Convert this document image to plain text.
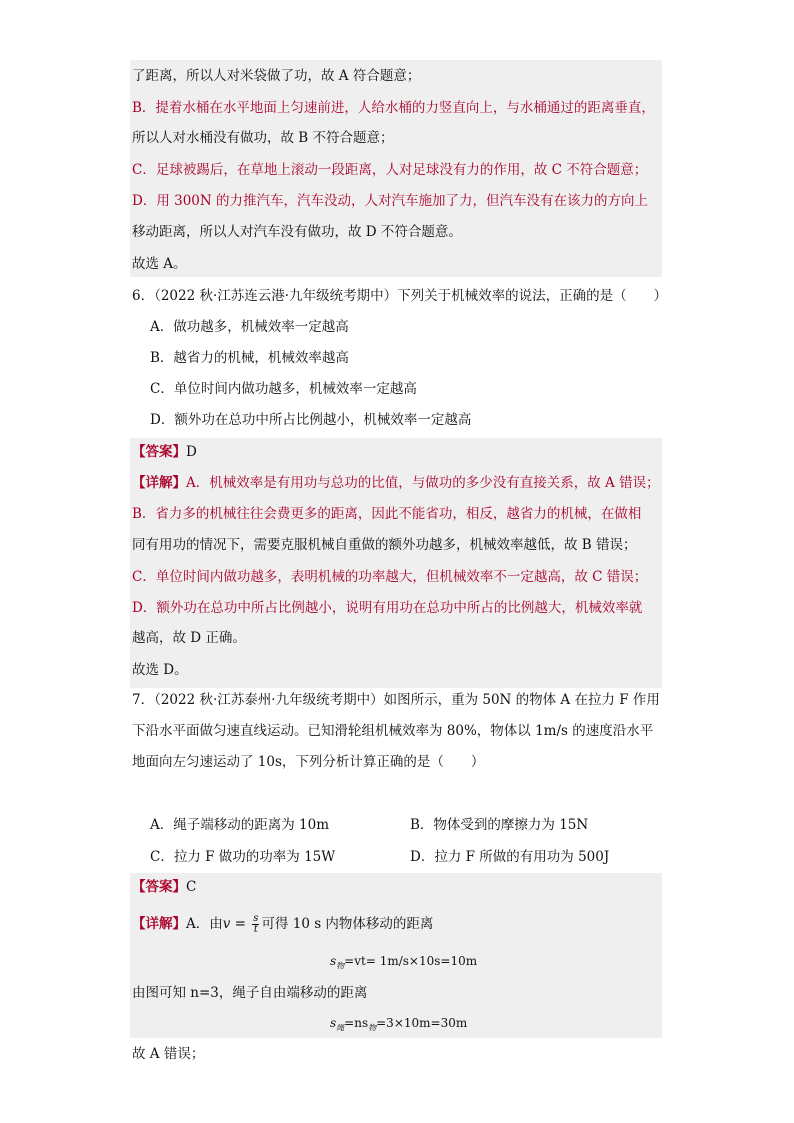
了距离，所以人对米袋做了功，故 A 符合题意；
B．提着水桶在水平地面上匀速前进，人给水桶的力竖直向上，与水桶通过的距离垂直，
所以人对水桶没有做功，故 B 不符合题意；
C．足球被踢后，在草地上滚动一段距离，人对足球没有力的作用，故 C 不符合题意；
D．用 300N 的力推汽车，汽车没动，人对汽车施加了力，但汽车没有在该力的方向上
移动距离，所以人对汽车没有做功，故 D 不符合题意。
故选 A。
6．（2022 秋·江苏连云港·九年级统考期中）下列关于机械效率的说法，正确的是（　　）
A．做功越多，机械效率一定越高
B．越省力的机械，机械效率越高
C．单位时间内做功越多，机械效率一定越高
D．额外功在总功中所占比例越小，机械效率一定越高
【答案】D
【详解】A．机械效率是有用功与总功的比值，与做功的多少没有直接关系，故 A 错误；
B．省力多的机械往往会费更多的距离，因此不能省功，相反，越省力的机械，在做相
同有用功的情况下，需要克服机械自重做的额外功越多，机械效率越低，故 B 错误；
C．单位时间内做功越多，表明机械的功率越大，但机械效率不一定越高，故 C 错误；
D．额外功在总功中所占比例越小，说明有用功在总功中所占的比例越大，机械效率就
越高，故 D 正确。
故选 D。
7．（2022 秋·江苏泰州·九年级统考期中）如图所示，重为 50N 的物体 A 在拉力 F 作用
下沿水平面做匀速直线运动。已知滑轮组机械效率为 80%，物体以 1m/s 的速度沿水平
地面向左匀速运动了 10s，下列分析计算正确的是（　　）
A．绳子端移动的距离为 10m	B．物体受到的摩擦力为 15N
C．拉力 F 做功的功率为 15W	D．拉力 F 所做的有用功为 500J
【答案】C
【详解】A．由$v = \frac{s}{t}$ 可得 10 s 内物体移动的距离
$s_物=vt= 1m/s\times 10s=10m$
由图可知 n=3，绳子自由端移动的距离
$s_绳=ns_物=3\times 10m=30m$
故 A 错误；
